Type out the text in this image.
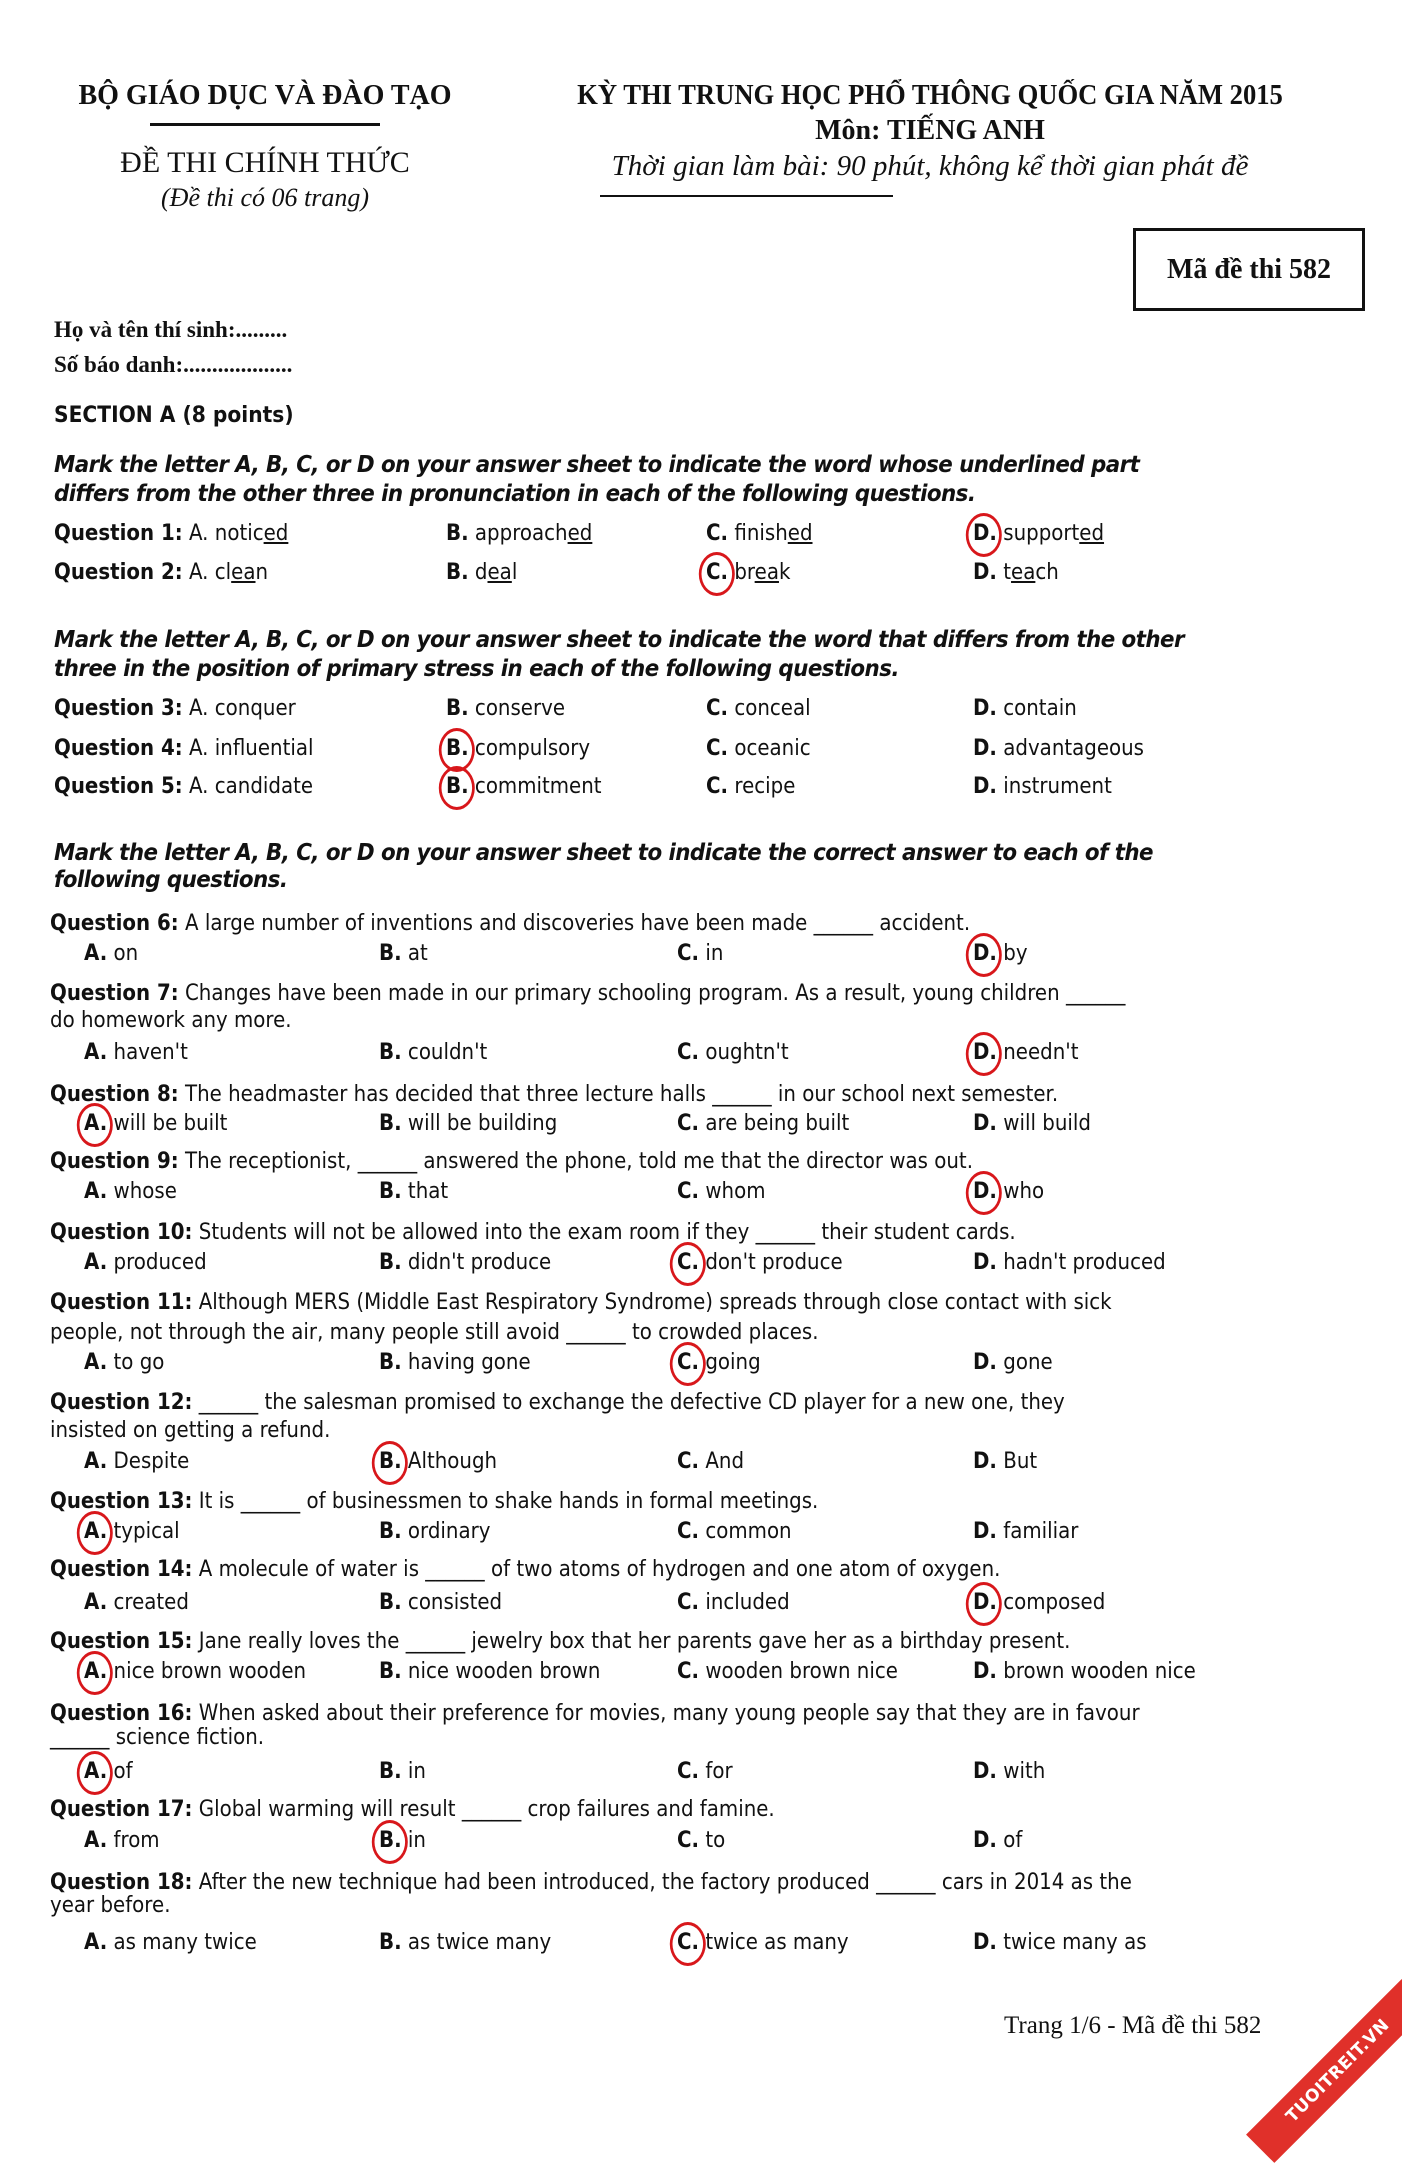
BỘ GIÁO DỤC VÀ ĐÀO TẠO
ĐỀ THI CHÍNH THỨC
(Đề thi có 06 trang)
KỲ THI TRUNG HỌC PHỔ THÔNG QUỐC GIA NĂM 2015
Môn: TIẾNG ANH
Thời gian làm bài: 90 phút, không kể thời gian phát đề
Mã đề thi 582
Họ và tên thí sinh:.........
Số báo danh:...................
SECTION A (8 points)
Mark the letter A, B, C, or D on your answer sheet to indicate the word whose underlined part
differs from the other three in pronunciation in each of the following questions.
Mark the letter A, B, C, or D on your answer sheet to indicate the word that differs from the other
three in the position of primary stress in each of the following questions.
Mark the letter A, B, C, or D on your answer sheet to indicate the correct answer to each of the
following questions.
Question 1: A. noticed	B. approached	C. finished	D. supported
Question 2: A. clean	B. deal	C. break	D. teach
Question 3: A. conquer	B. conserve	C. conceal	D. contain
Question 4: A. influential	B. compulsory	C. oceanic	D. advantageous
Question 5: A. candidate	B. commitment	C. recipe	D. instrument
Question 6: A large number of inventions and discoveries have been made ______ accident.
A. on	B. at	C. in	D. by
Question 7: Changes have been made in our primary schooling program. As a result, young children ______
do homework any more.
A. haven't	B. couldn't	C. oughtn't	D. needn't
Question 8: The headmaster has decided that three lecture halls ______ in our school next semester.
A. will be built	B. will be building	C. are being built	D. will build
Question 9: The receptionist, ______ answered the phone, told me that the director was out.
A. whose	B. that	C. whom	D. who
Question 10: Students will not be allowed into the exam room if they ______ their student cards.
A. produced	B. didn't produce	C. don't produce	D. hadn't produced
Question 11: Although MERS (Middle East Respiratory Syndrome) spreads through close contact with sick
people, not through the air, many people still avoid ______ to crowded places.
A. to go	B. having gone	C. going	D. gone
Question 12: ______ the salesman promised to exchange the defective CD player for a new one, they
insisted on getting a refund.
A. Despite	B. Although	C. And	D. But
Question 13: It is ______ of businessmen to shake hands in formal meetings.
A. typical	B. ordinary	C. common	D. familiar
Question 14: A molecule of water is ______ of two atoms of hydrogen and one atom of oxygen.
A. created	B. consisted	C. included	D. composed
Question 15: Jane really loves the ______ jewelry box that her parents gave her as a birthday present.
A. nice brown wooden	B. nice wooden brown	C. wooden brown nice	D. brown wooden nice
Question 16: When asked about their preference for movies, many young people say that they are in favour
______ science fiction.
A. of	B. in	C. for	D. with
Question 17: Global warming will result ______ crop failures and famine.
A. from	B. in	C. to	D. of
Question 18: After the new technique had been introduced, the factory produced ______ cars in 2014 as the
year before.
A. as many twice	B. as twice many	C. twice as many	D. twice many as
Trang 1/6 - Mã đề thi 582	TUOITREIT.VN
